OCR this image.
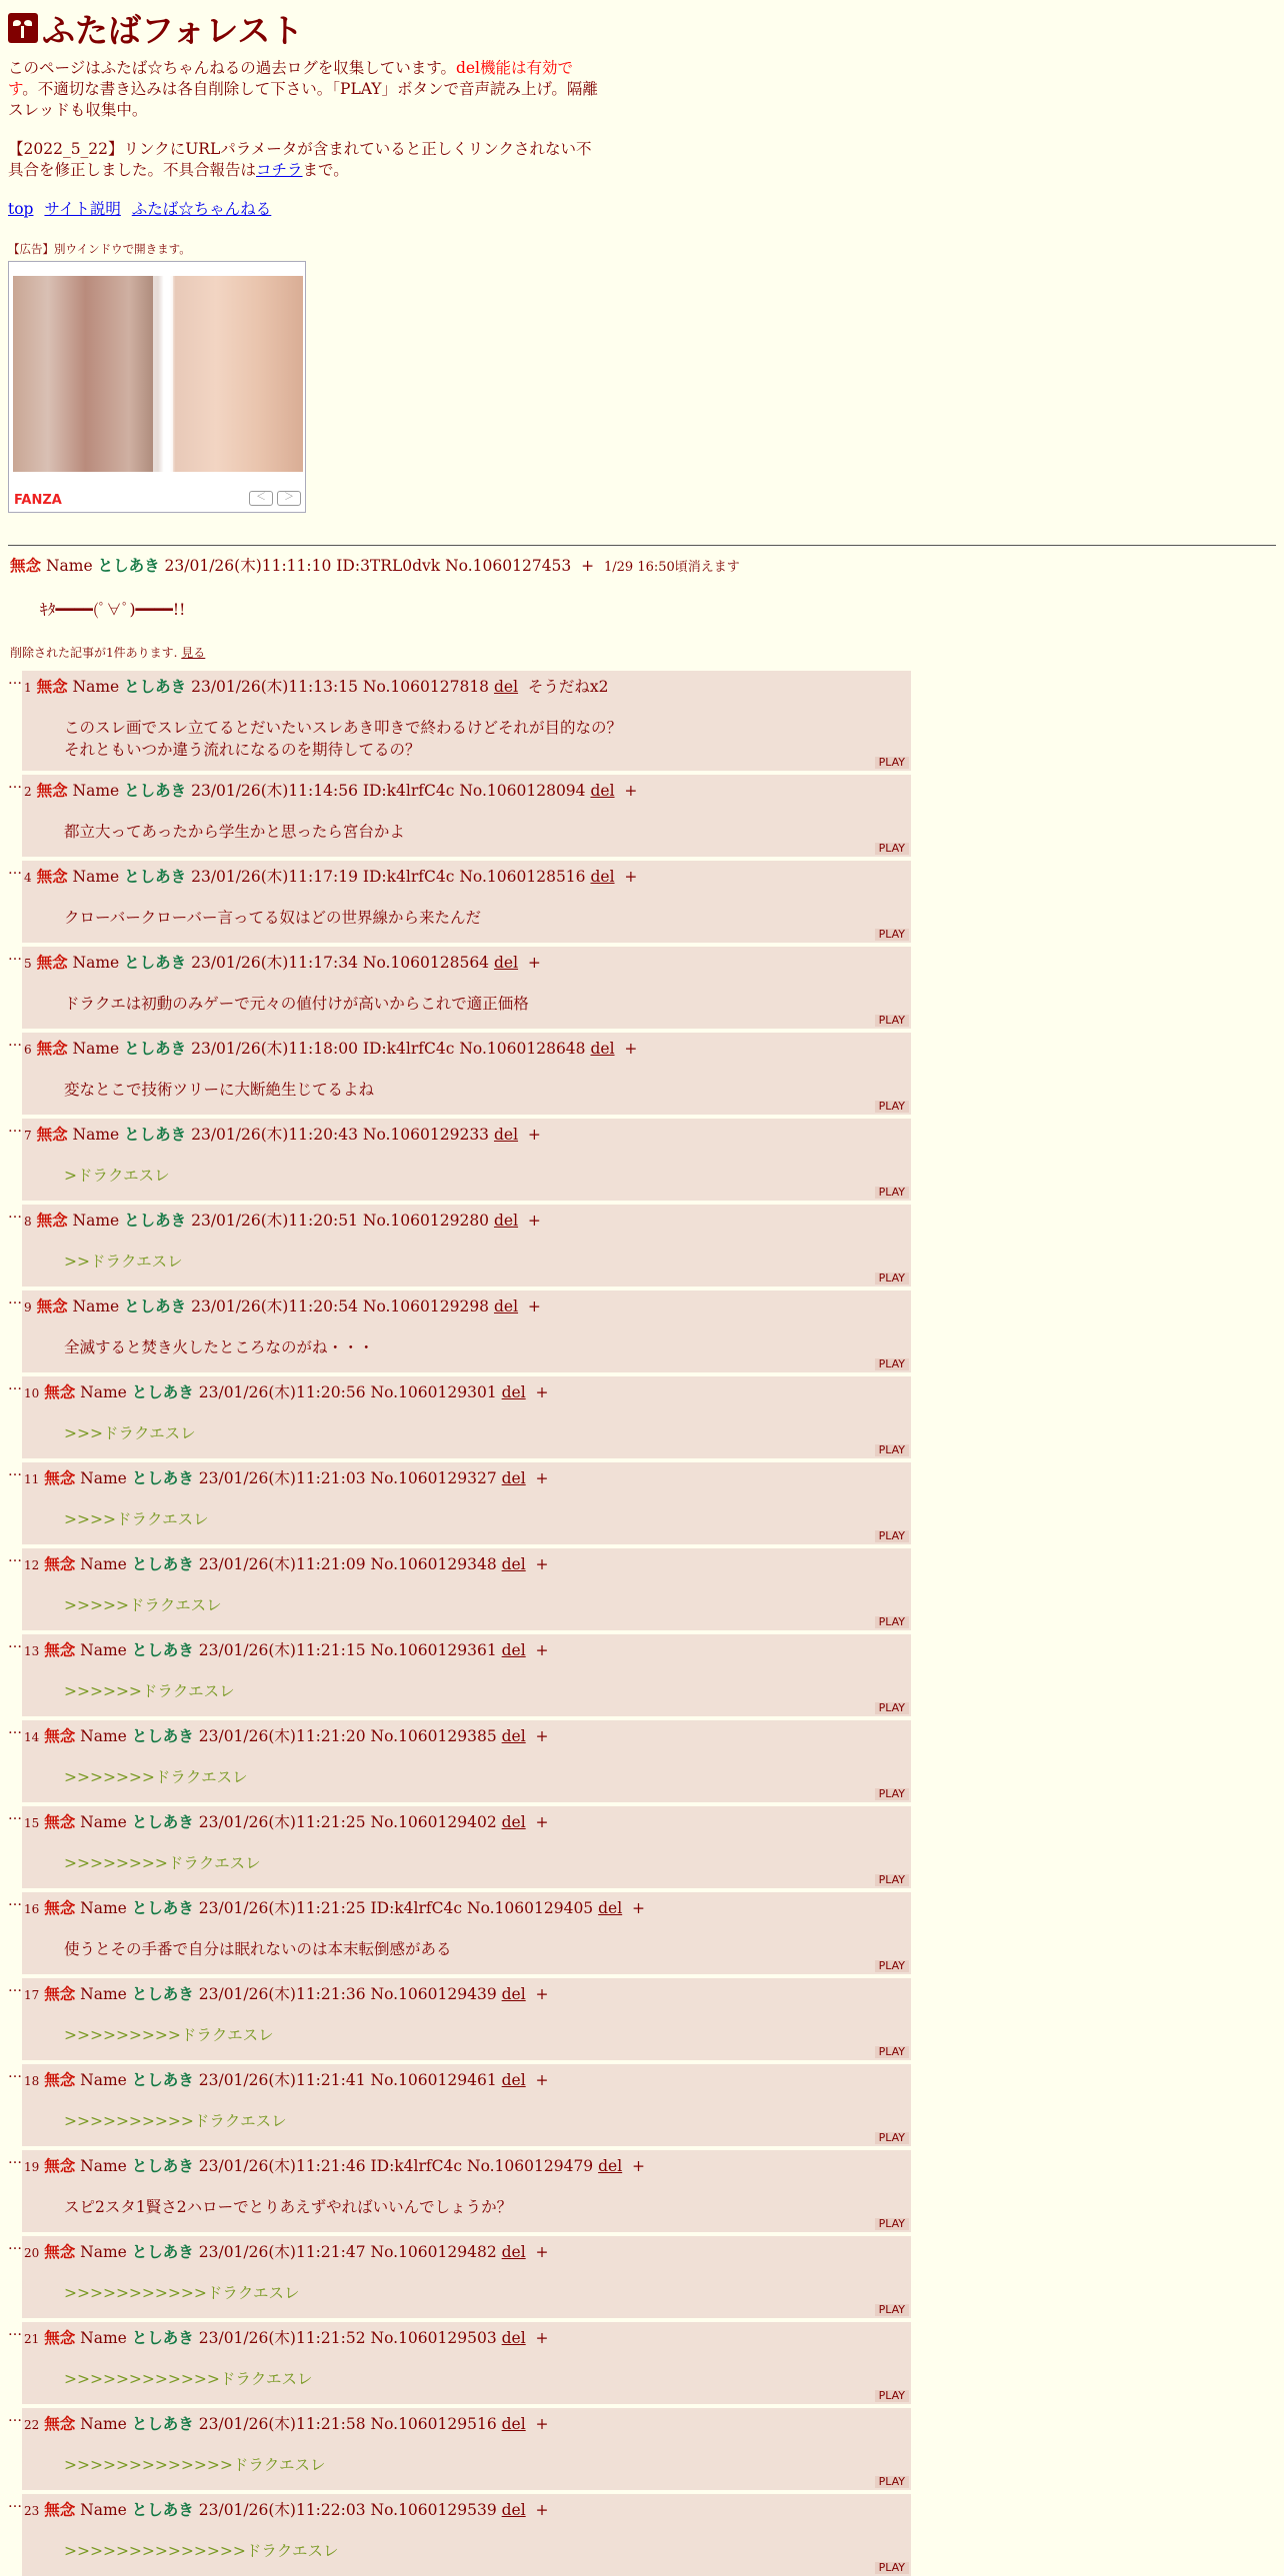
ふたばフォレスト
このページはふたば☆ちゃんねるの過去ログを収集しています。del機能は有効です。不適切な書き込みは各自削除して下さい。「PLAY」ボタンで音声読み上げ。隔離スレッドも収集中。
【2022_5_22】リンクにURLパラメータが含まれていると正しくリンクされない不具合を修正しました。不具合報告はコチラまで。
top サイト説明 ふたば☆ちゃんねる
【広告】別ウインドウで開きます。
FANZA	＜	＞
無念 Name としあき 23/01/26(木)11:11:10 ID:3TRL0dvk No.1060127453 + 1/29 16:50頃消えます
ｷﾀ━━━━(ﾟ∀ﾟ)━━━━!!
削除された記事が1件あります. 見る
… 1 無念 Name としあき 23/01/26(木)11:13:15 No.1060127818 del そうだねx2
このスレ画でスレ立てるとだいたいスレあき叩きで終わるけどそれが目的なの？
それともいつか違う流れになるのを期待してるの？
PLAY
… 2 無念 Name としあき 23/01/26(木)11:14:56 ID:k4lrfC4c No.1060128094 del +
都立大ってあったから学生かと思ったら宮台かよ
PLAY
… 4 無念 Name としあき 23/01/26(木)11:17:19 ID:k4lrfC4c No.1060128516 del +
クローバークローバー言ってる奴はどの世界線から来たんだ
PLAY
… 5 無念 Name としあき 23/01/26(木)11:17:34 No.1060128564 del +
ドラクエは初動のみゲーで元々の値付けが高いからこれで適正価格
PLAY
… 6 無念 Name としあき 23/01/26(木)11:18:00 ID:k4lrfC4c No.1060128648 del +
変なとこで技術ツリーに大断絶生じてるよね
PLAY
… 7 無念 Name としあき 23/01/26(木)11:20:43 No.1060129233 del +
>ドラクエスレ
PLAY
… 8 無念 Name としあき 23/01/26(木)11:20:51 No.1060129280 del +
>>ドラクエスレ
PLAY
… 9 無念 Name としあき 23/01/26(木)11:20:54 No.1060129298 del +
全滅すると焚き火したところなのがね・・・
PLAY
… 10 無念 Name としあき 23/01/26(木)11:20:56 No.1060129301 del +
>>>ドラクエスレ
PLAY
… 11 無念 Name としあき 23/01/26(木)11:21:03 No.1060129327 del +
>>>>ドラクエスレ
PLAY
… 12 無念 Name としあき 23/01/26(木)11:21:09 No.1060129348 del +
>>>>>ドラクエスレ
PLAY
… 13 無念 Name としあき 23/01/26(木)11:21:15 No.1060129361 del +
>>>>>>ドラクエスレ
PLAY
… 14 無念 Name としあき 23/01/26(木)11:21:20 No.1060129385 del +
>>>>>>>ドラクエスレ
PLAY
… 15 無念 Name としあき 23/01/26(木)11:21:25 No.1060129402 del +
>>>>>>>>ドラクエスレ
PLAY
… 16 無念 Name としあき 23/01/26(木)11:21:25 ID:k4lrfC4c No.1060129405 del +
使うとその手番で自分は眠れないのは本末転倒感がある
PLAY
… 17 無念 Name としあき 23/01/26(木)11:21:36 No.1060129439 del +
>>>>>>>>>ドラクエスレ
PLAY
… 18 無念 Name としあき 23/01/26(木)11:21:41 No.1060129461 del +
>>>>>>>>>>ドラクエスレ
PLAY
… 19 無念 Name としあき 23/01/26(木)11:21:46 ID:k4lrfC4c No.1060129479 del +
スピ2スタ1賢さ2ハローでとりあえずやればいいんでしょうか？
PLAY
… 20 無念 Name としあき 23/01/26(木)11:21:47 No.1060129482 del +
>>>>>>>>>>>ドラクエスレ
PLAY
… 21 無念 Name としあき 23/01/26(木)11:21:52 No.1060129503 del +
>>>>>>>>>>>>ドラクエスレ
PLAY
… 22 無念 Name としあき 23/01/26(木)11:21:58 No.1060129516 del +
>>>>>>>>>>>>>ドラクエスレ
PLAY
… 23 無念 Name としあき 23/01/26(木)11:22:03 No.1060129539 del +
>>>>>>>>>>>>>>ドラクエスレ
PLAY
